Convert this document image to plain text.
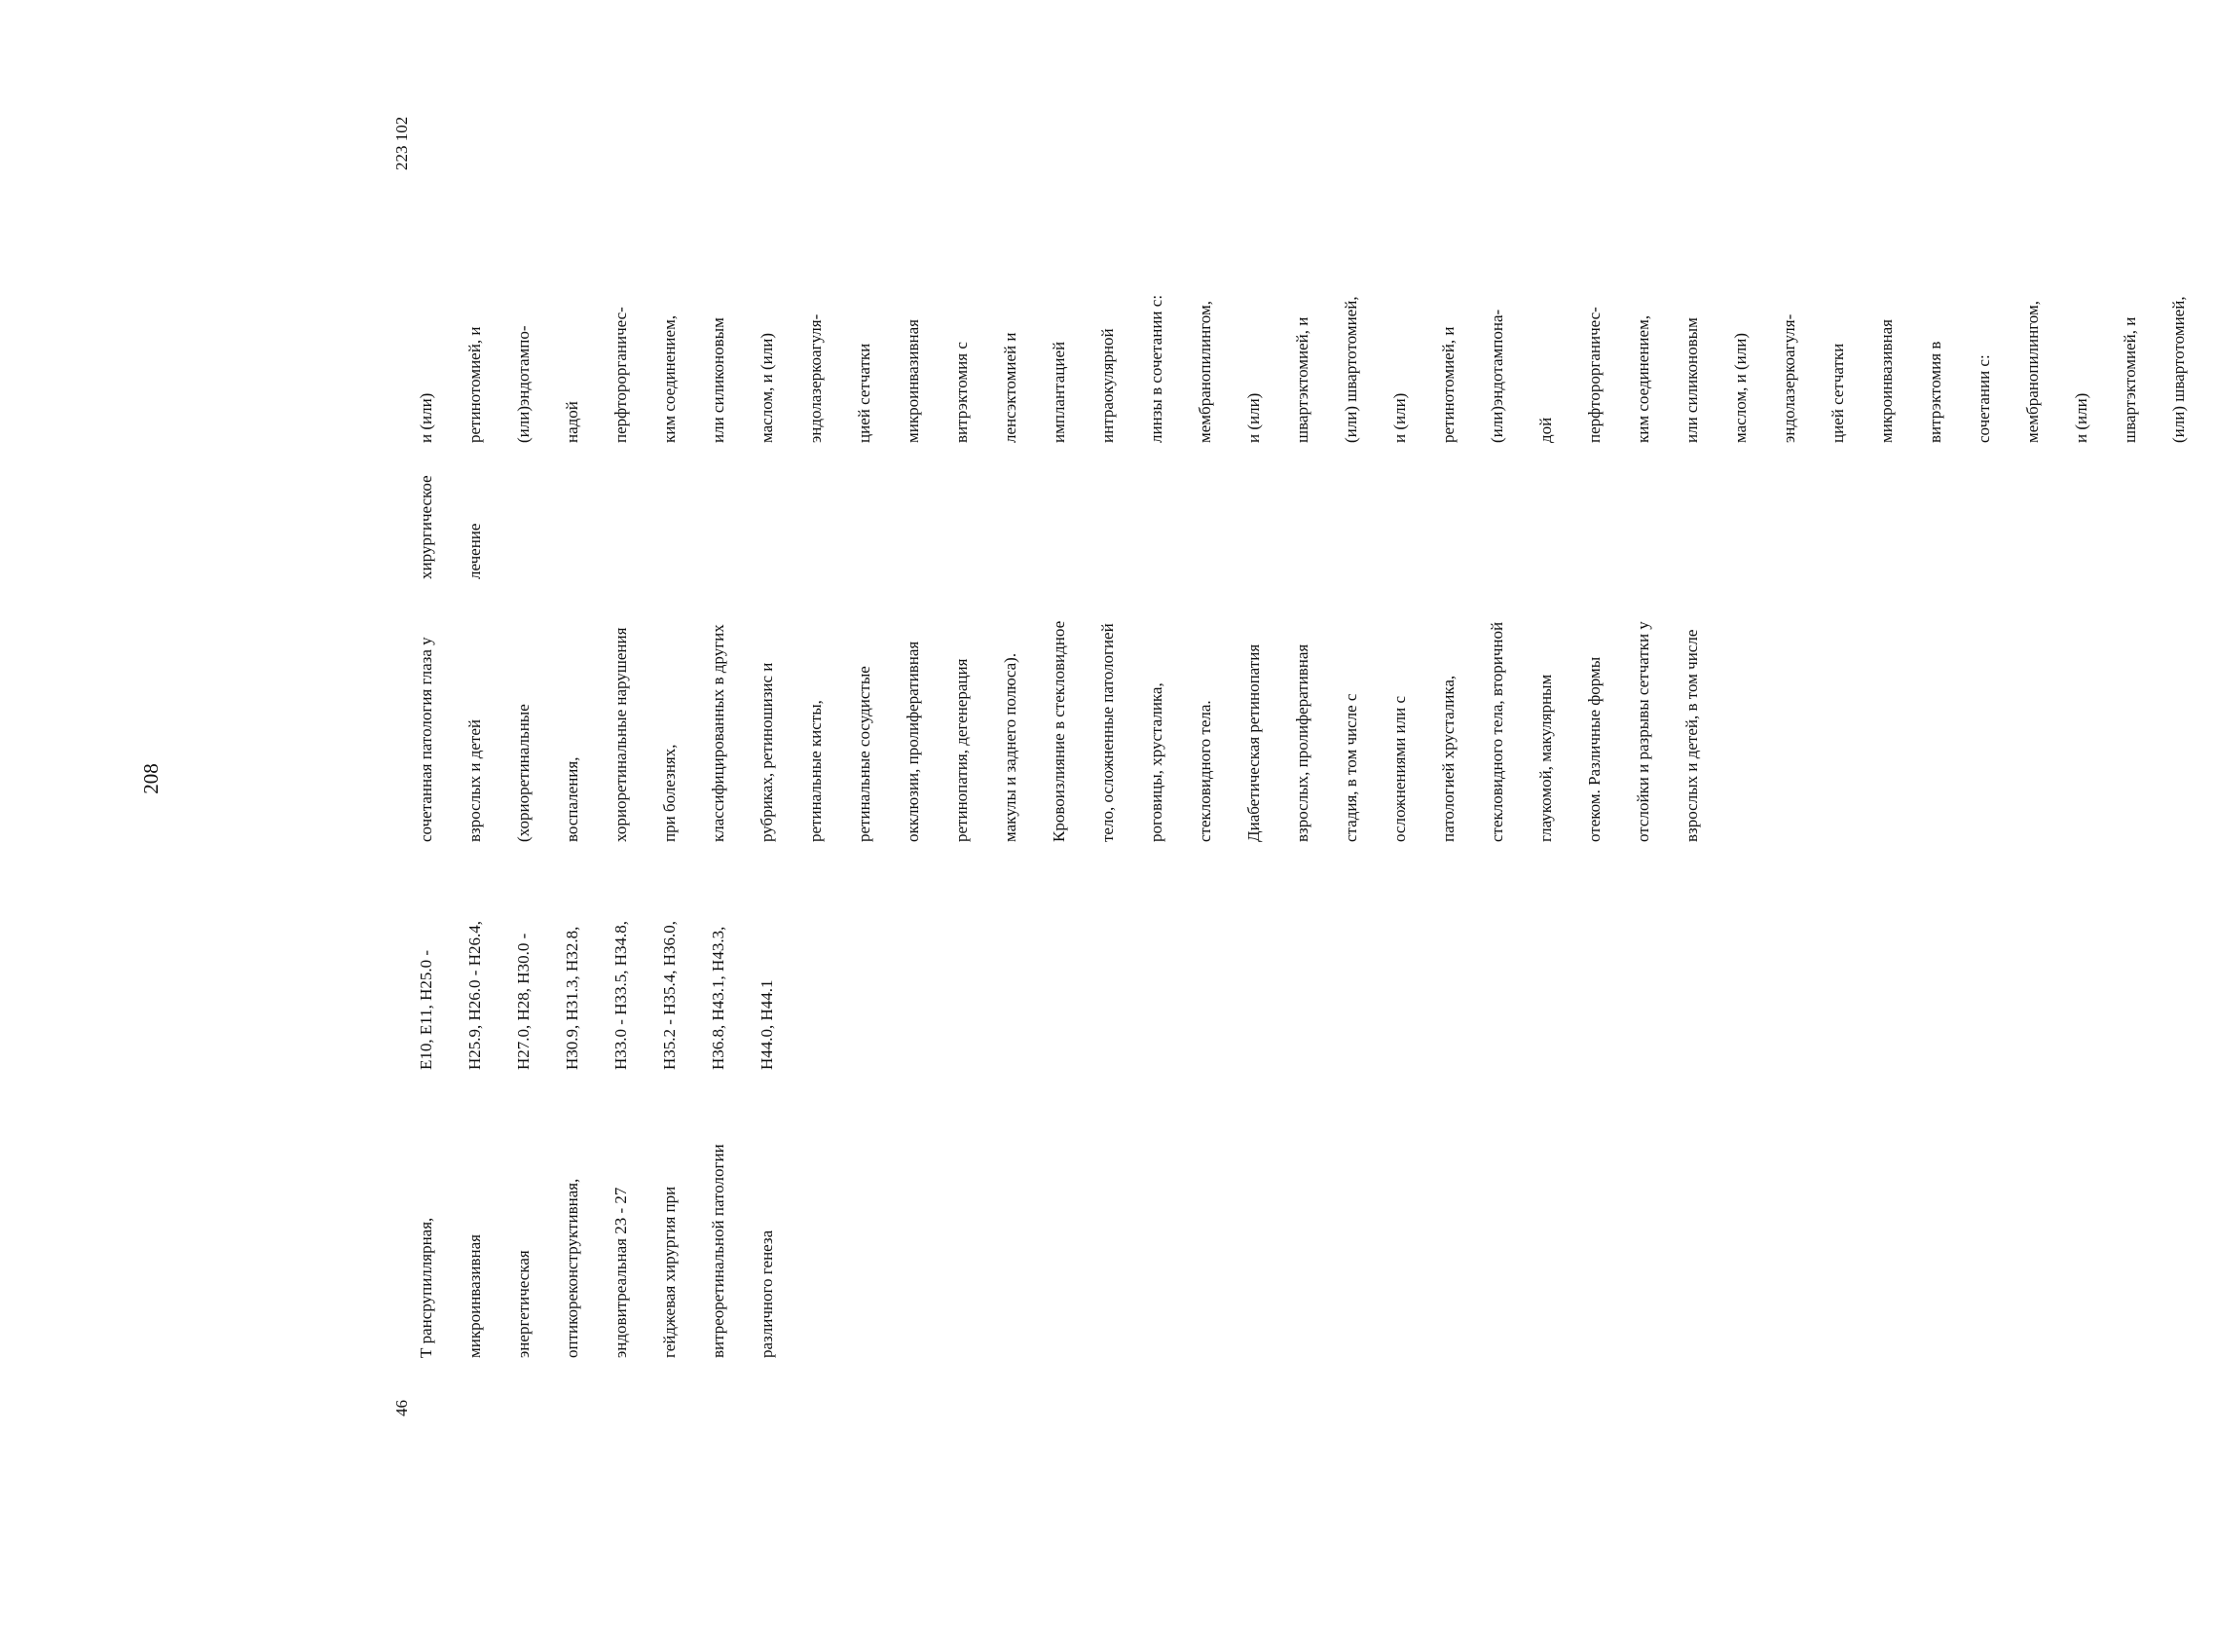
208
46

Т рансрупиллярная, микроинвазивная энергетическая оптикореконструктивная, эндовитреальная 23 - 27 гейджевая хирургия при витреоретинальной патологии различного генеза

Е10, Е11, Н25.0 - Н25.9, Н26.0 - Н26.4, Н27.0, Н28, Н30.0 - Н30.9, Н31.3, Н32.8, Н33.0 - Н33.5, Н34.8, Н35.2 - Н35.4, Н36.0, Н36.8, Н43.1, Н43.3, Н44.0, Н44.1

сочетанная патология глаза у взрослых и детей (хориоретинальные воспаления, хориоретинальные нарушения при болезнях, классифицированных в других рубриках, ретиношизис и ретинальные кисты, ретинальные сосудистые окклюзии, пролиферативная ретинопатия, дегенерация макулы и заднего полюса). Кровоизлияние в стекловидное тело, осложненные патологией роговицы, хрусталика, стекловидного тела. Диабетическая ретинопатия взрослых, пролиферативная стадия, в том числе с осложнениями или с патологией хрусталика, стекловидного тела, вторичной глаукомой, макулярным отеком. Различные формы отслойки и разрывы сетчатки у взрослых и детей, в том числе

хирургическое лечение

и (или) ретинотомией, и (или)эндотампо- надой перфторорганичес- ким соединением, или силиконовым маслом, и (или) эндолазеркоагуля- цией сетчатки микроинвазивная витрэктомия с ленсэктомией и имплантацией интраокулярной линзы в сочетании с: мембранопилингом, и (или) швартэктомией, и (или) швартотомией, и (или) ретинотомией, и (или)эндотампона- дой перфторорганичес- ким соединением, или силиконовым маслом, и (или) эндолазеркоагуля- цией сетчатки микроинвазивная витрэктомия в сочетании с: мембранопилингом, и (или) швартэктомией, и (или) швартотомией,

223 102
